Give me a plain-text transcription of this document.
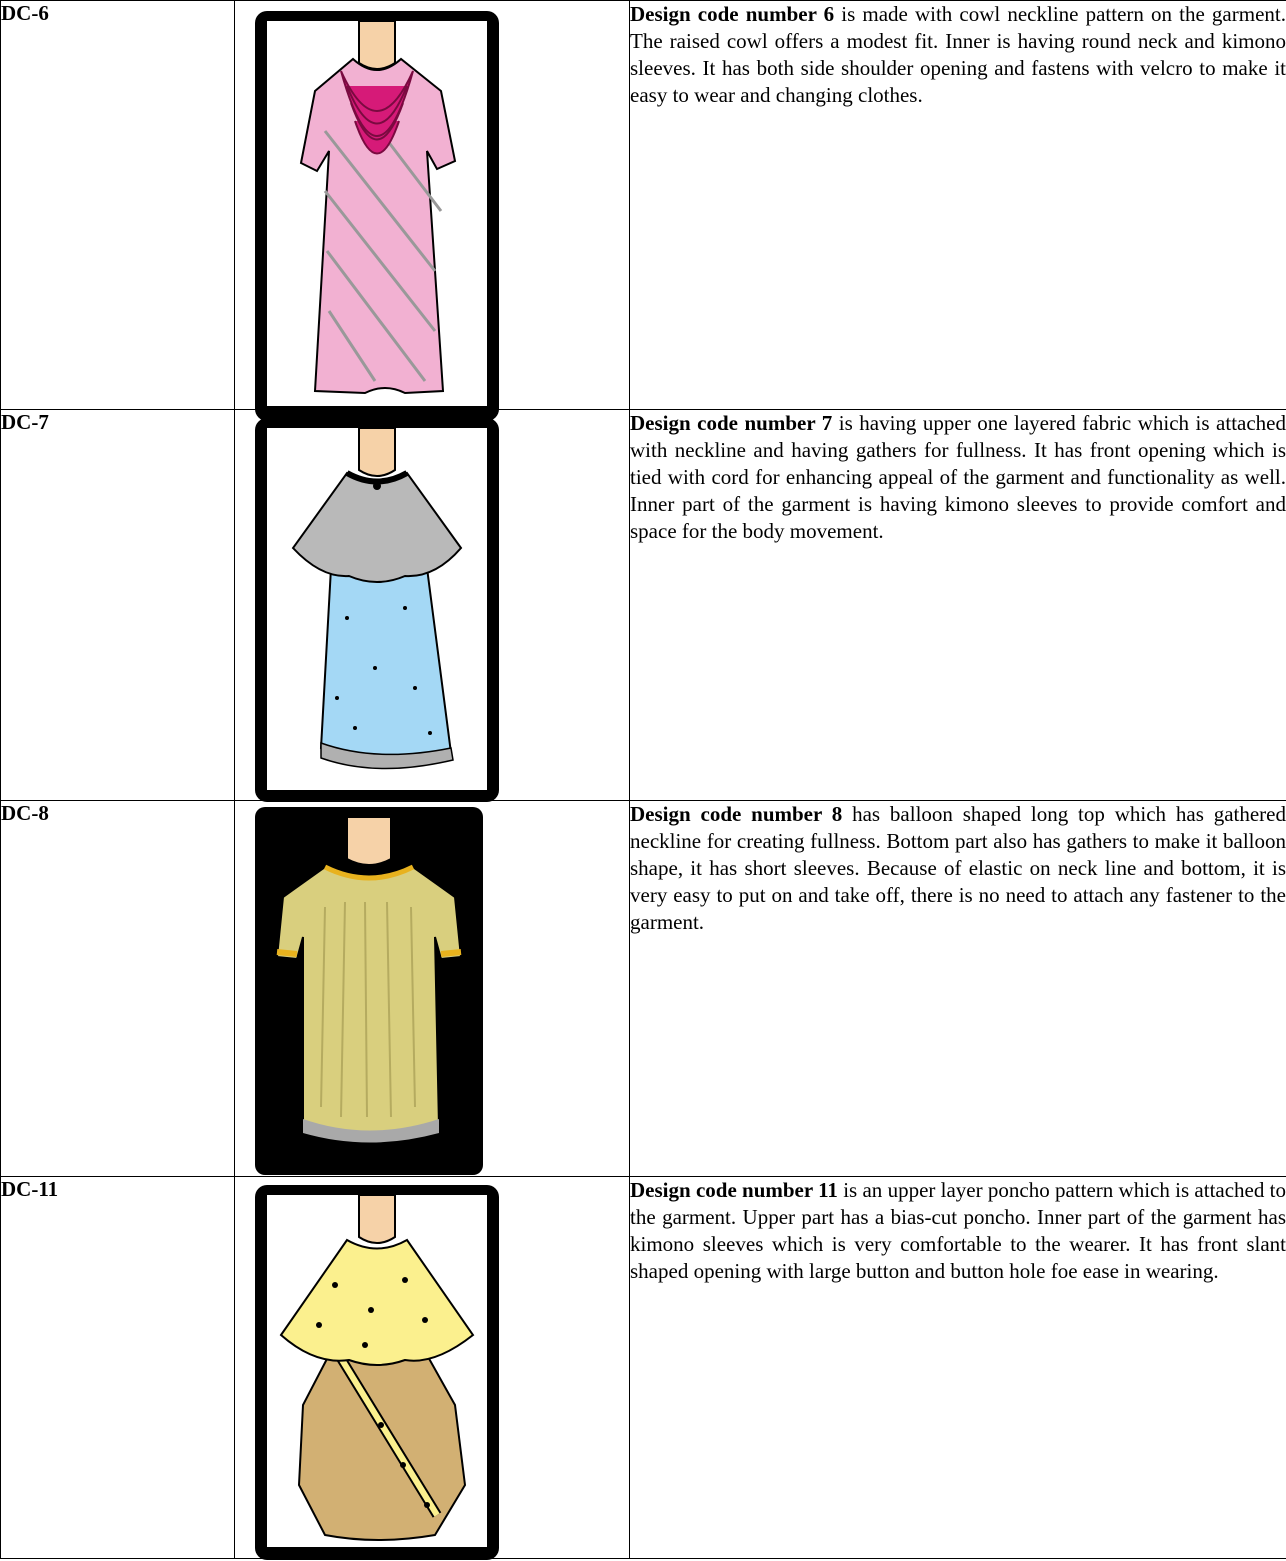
DC-6		Design code number 6 is made with cowl neckline pattern on the garment. The raised cowl offers a modest fit. Inner is having round neck and kimono sleeves. It has both side shoulder opening and fastens with velcro to make it easy to wear and changing clothes.
DC-7		Design code number 7 is having upper one layered fabric which is attached with neckline and having gathers for fullness. It has front opening which is tied with cord for enhancing appeal of the garment and functionality as well. Inner part of the garment is having kimono sleeves to provide comfort and space for the body movement.
DC-8		Design code number 8 has balloon shaped long top which has gathered neckline for creating fullness. Bottom part also has gathers to make it balloon shape, it has short sleeves. Because of elastic on neck line and bottom, it is very easy to put on and take off, there is no need to attach any fastener to the garment.
DC-11		Design code number 11 is an upper layer poncho pattern which is attached to the garment. Upper part has a bias-cut poncho. Inner part of the garment has kimono sleeves which is very comfortable to the wearer. It has front slant shaped opening with large button and button hole foe ease in wearing.
